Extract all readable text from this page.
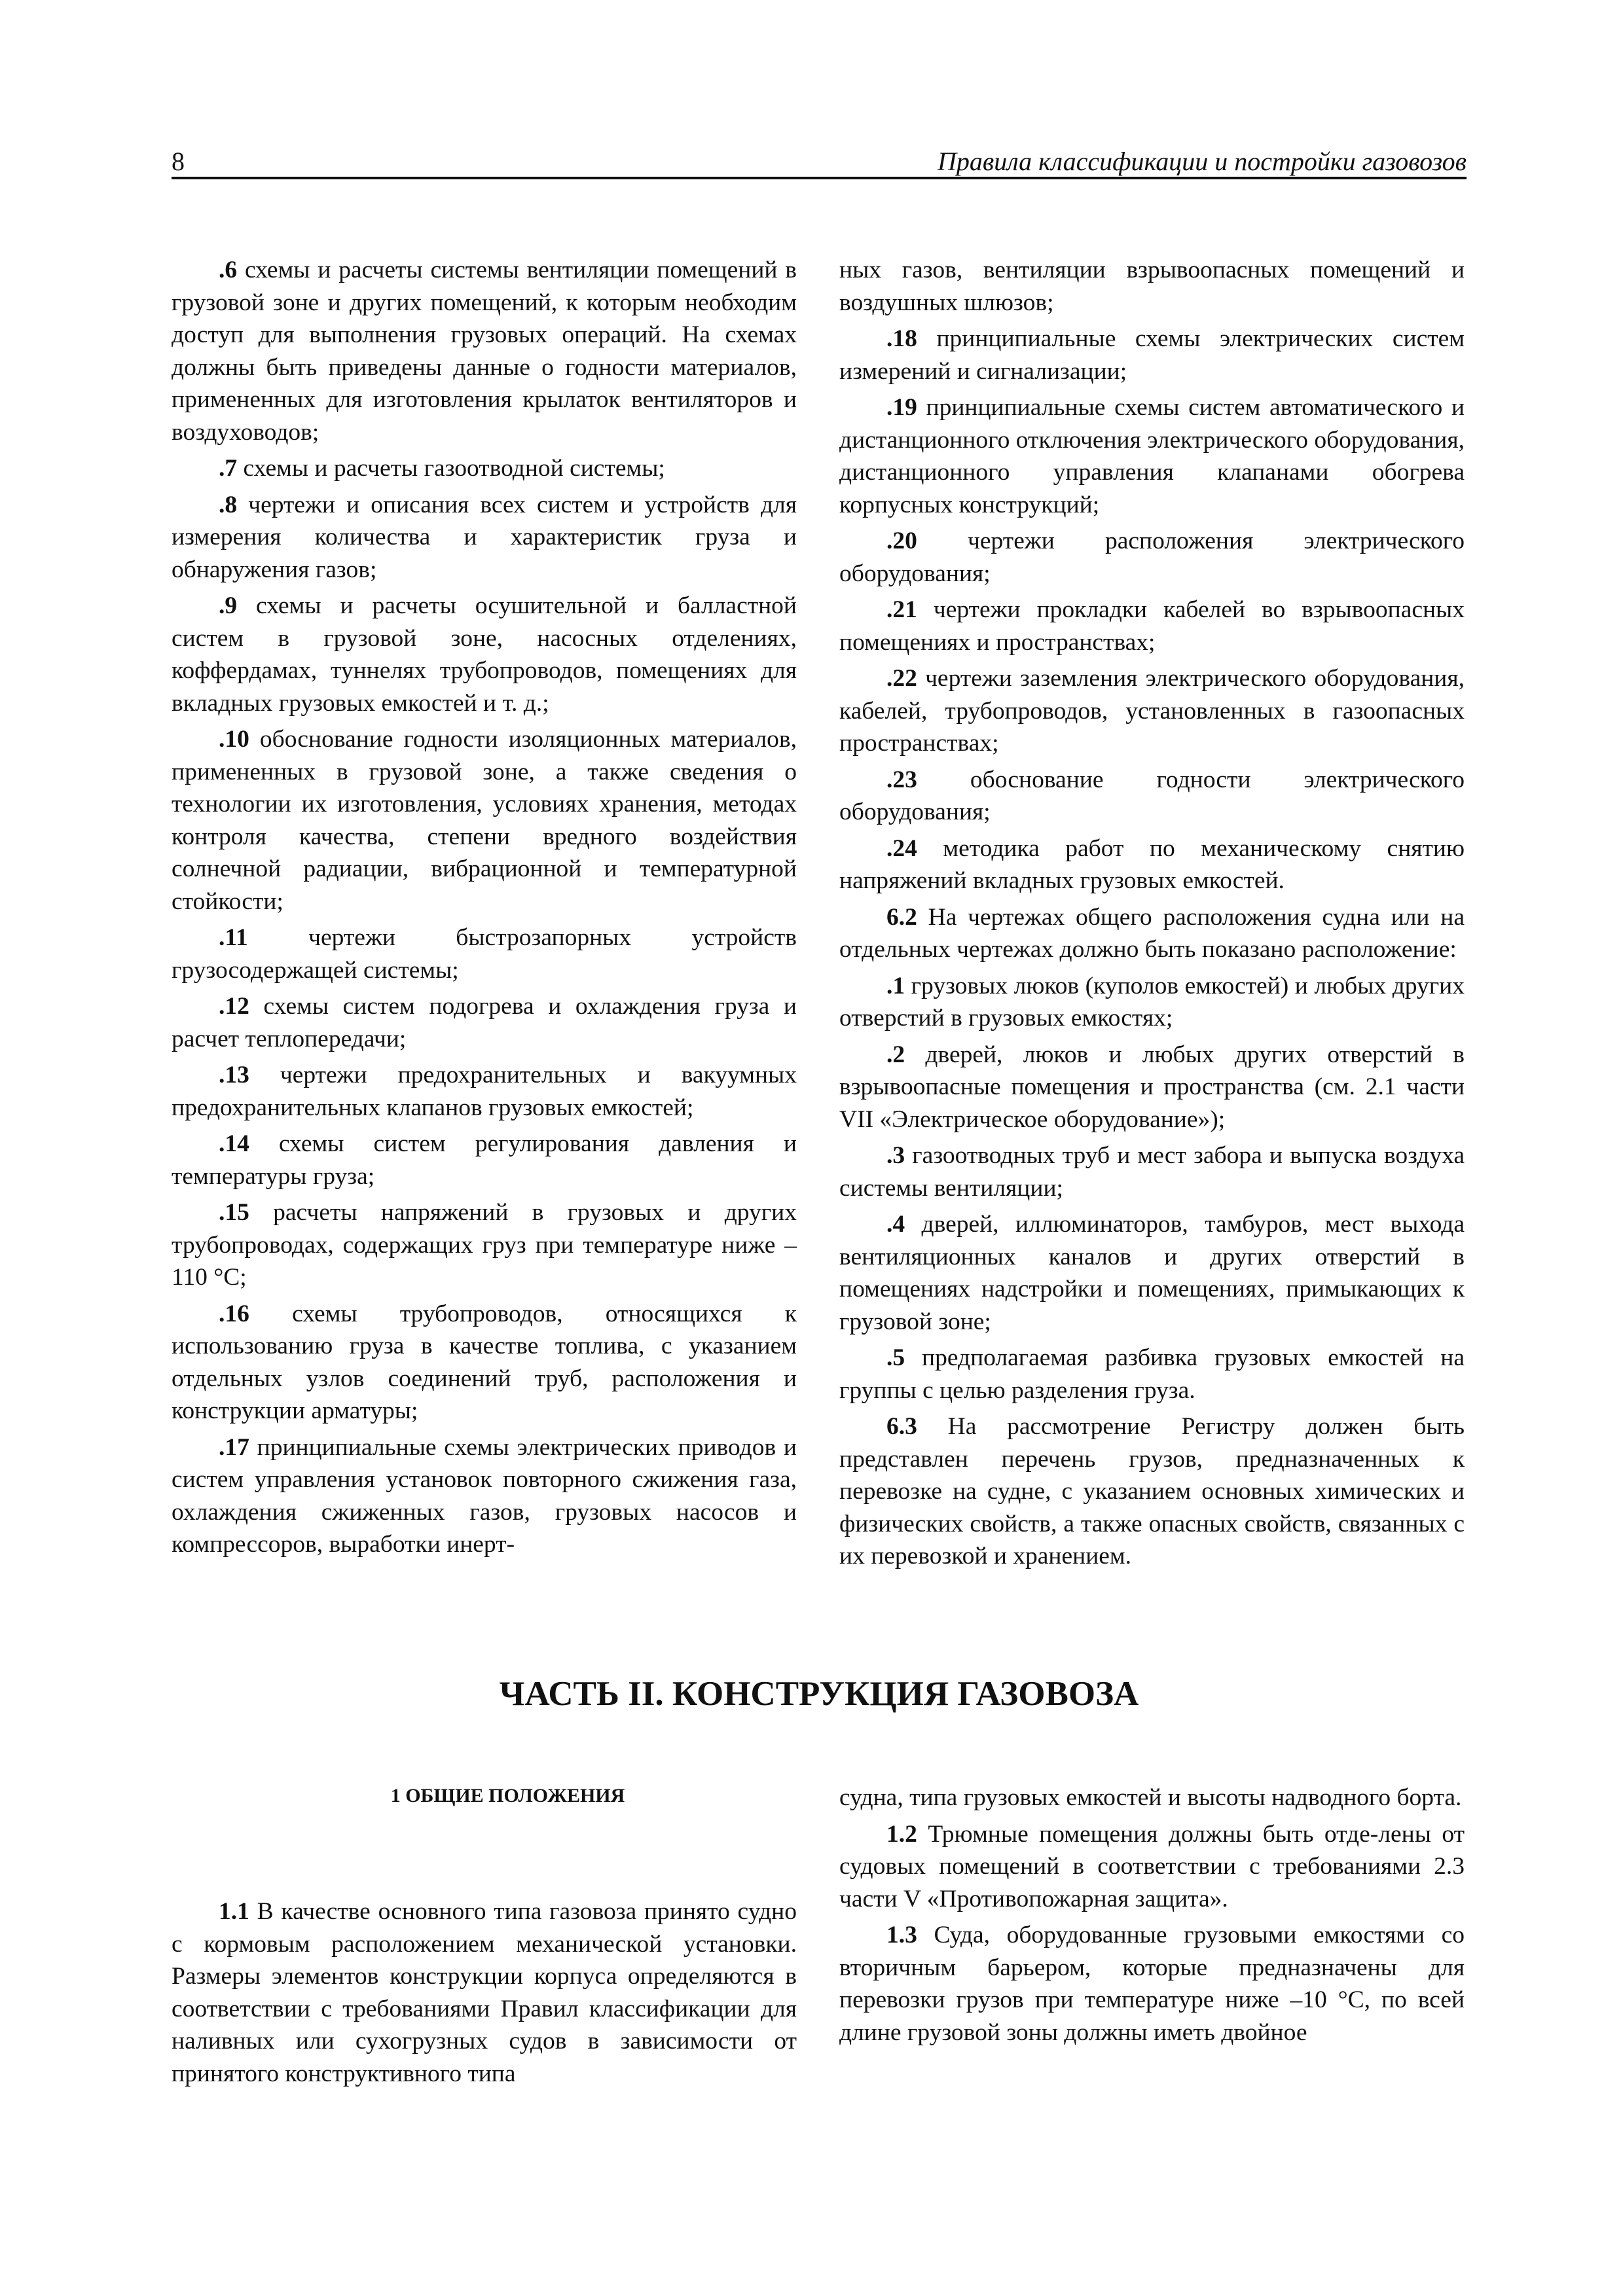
8	Правила классификации и постройки газовозов

.6 схемы и расчеты системы вентиляции помещений в грузовой зоне и других помещений, к которым необходим доступ для выполнения грузовых операций. На схемах должны быть приведены данные о годности материалов, примененных для изготовления крылаток вентиляторов и воздуховодов;

.7 схемы и расчеты газоотводной системы;

.8 чертежи и описания всех систем и устройств для измерения количества и характеристик груза и обнаружения газов;

.9 схемы и расчеты осушительной и балластной систем в грузовой зоне, насосных отделениях, коффердамах, туннелях трубопроводов, помещениях для вкладных грузовых емкостей и т. д.;

.10 обоснование годности изоляционных материалов, примененных в грузовой зоне, а также сведения о технологии их изготовления, условиях хранения, методах контроля качества, степени вредного воздействия солнечной радиации, вибрационной и температурной стойкости;

.11 чертежи быстрозапорных устройств грузосодержащей системы;

.12 схемы систем подогрева и охлаждения груза и расчет теплопередачи;

.13 чертежи предохранительных и вакуумных предохранительных клапанов грузовых емкостей;

.14 схемы систем регулирования давления и температуры груза;

.15 расчеты напряжений в грузовых и других трубопроводах, содержащих груз при температуре ниже –110 °C;

.16 схемы трубопроводов, относящихся к использованию груза в качестве топлива, с указанием отдельных узлов соединений труб, расположения и конструкции арматуры;

.17 принципиальные схемы электрических приводов и систем управления установок повторного сжижения газа, охлаждения сжиженных газов, грузовых насосов и компрессоров, выработки инерт-

ных газов, вентиляции взрывоопасных помещений и воздушных шлюзов;

.18 принципиальные схемы электрических систем измерений и сигнализации;

.19 принципиальные схемы систем автоматического и дистанционного отключения электрического оборудования, дистанционного управления клапанами обогрева корпусных конструкций;

.20 чертежи расположения электрического оборудования;

.21 чертежи прокладки кабелей во взрывоопасных помещениях и пространствах;

.22 чертежи заземления электрического оборудования, кабелей, трубопроводов, установленных в газоопасных пространствах;

.23 обоснование годности электрического оборудования;

.24 методика работ по механическому снятию напряжений вкладных грузовых емкостей.

6.2 На чертежах общего расположения судна или на отдельных чертежах должно быть показано расположение:

.1 грузовых люков (куполов емкостей) и любых других отверстий в грузовых емкостях;

.2 дверей, люков и любых других отверстий в взрывоопасные помещения и пространства (см. 2.1 части VII «Электрическое оборудование»);

.3 газоотводных труб и мест забора и выпуска воздуха системы вентиляции;

.4 дверей, иллюминаторов, тамбуров, мест выхода вентиляционных каналов и других отверстий в помещениях надстройки и помещениях, примыкающих к грузовой зоне;

.5 предполагаемая разбивка грузовых емкостей на группы с целью разделения груза.

6.3 На рассмотрение Регистру должен быть представлен перечень грузов, предназначенных к перевозке на судне, с указанием основных химических и физических свойств, а также опасных свойств, связанных с их перевозкой и хранением.

ЧАСТЬ II. КОНСТРУКЦИЯ ГАЗОВОЗА

1 ОБЩИЕ ПОЛОЖЕНИЯ

1.1 В качестве основного типа газовоза принято судно с кормовым расположением механической установки. Размеры элементов конструкции корпуса определяются в соответствии с требованиями Правил классификации для наливных или сухогрузных судов в зависимости от принятого конструктивного типа

судна, типа грузовых емкостей и высоты надводного борта.

1.2 Трюмные помещения должны быть отде-лены от судовых помещений в соответствии с требованиями 2.3 части V «Противопожарная защита».

1.3 Суда, оборудованные грузовыми емкостями со вторичным барьером, которые предназначены для перевозки грузов при температуре ниже –10 °C, по всей длине грузовой зоны должны иметь двойное
